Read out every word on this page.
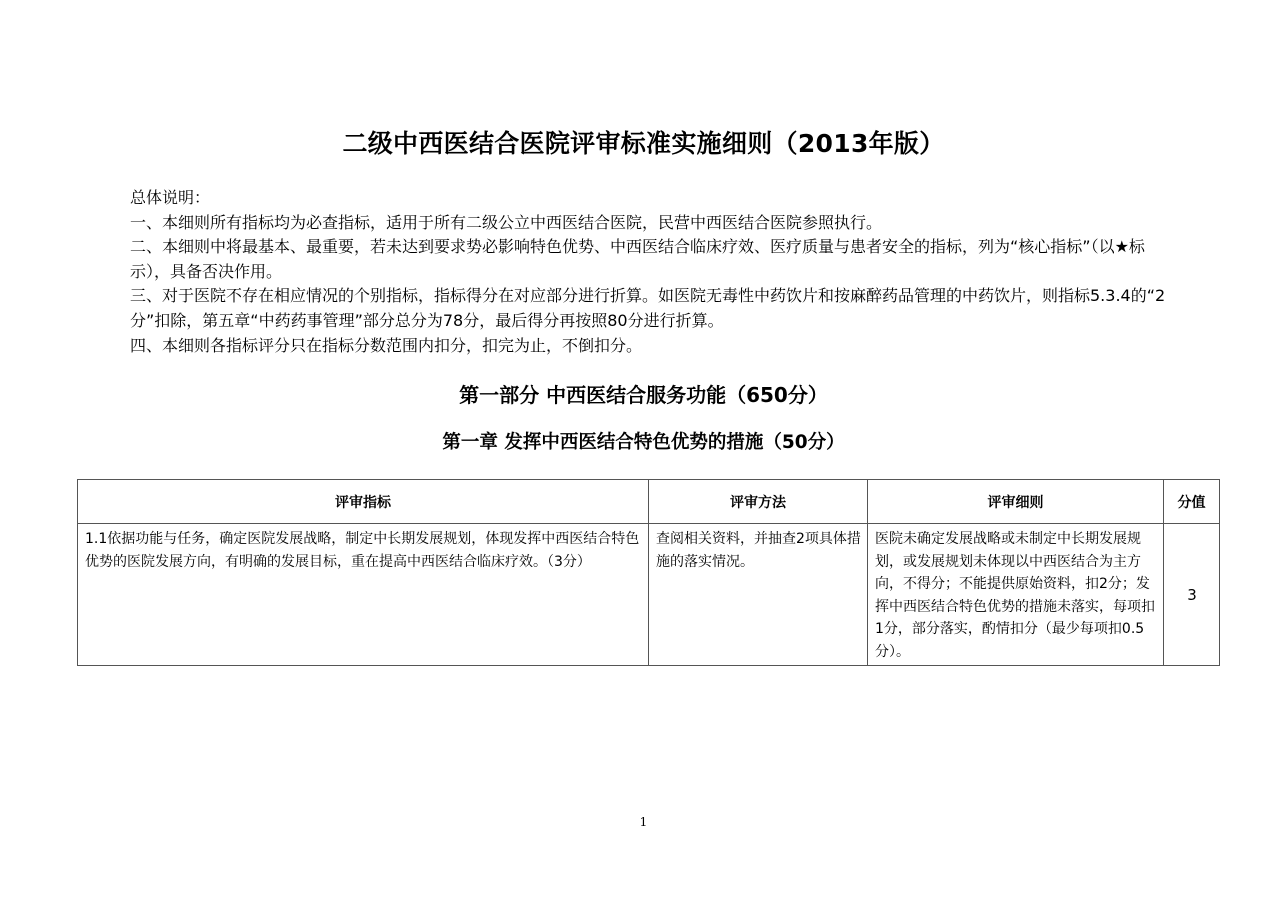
二级中西医结合医院评审标准实施细则（2013年版）

总体说明：

一、本细则所有指标均为必查指标，适用于所有二级公立中西医结合医院，民营中西医结合医院参照执行。

二、本细则中将最基本、最重要，若未达到要求势必影响特色优势、中西医结合临床疗效、医疗质量与患者安全的指标，列为“核心指标”（以★标示），具备否决作用。

三、对于医院不存在相应情况的个别指标，指标得分在对应部分进行折算。如医院无毒性中药饮片和按麻醉药品管理的中药饮片，则指标5.3.4的“2分”扣除，第五章“中药药事管理”部分总分为78分，最后得分再按照80分进行折算。

四、本细则各指标评分只在指标分数范围内扣分，扣完为止，不倒扣分。

第一部分 中西医结合服务功能（650分）
第一章 发挥中西医结合特色优势的措施（50分）
评审指标	评审方法	评审细则	分值
1.1依据功能与任务，确定医院发展战略，制定中长期发展规划，体现发挥中西医结合特色优势的医院发展方向，有明确的发展目标，重在提高中西医结合临床疗效。（3分）	查阅相关资料，并抽查2项具体措施的落实情况。	医院未确定发展战略或未制定中长期发展规划，或发展规划未体现以中西医结合为主方向，不得分；不能提供原始资料，扣2分；发挥中西医结合特色优势的措施未落实，每项扣1分，部分落实，酌情扣分（最少每项扣0.5分）。	3
1
